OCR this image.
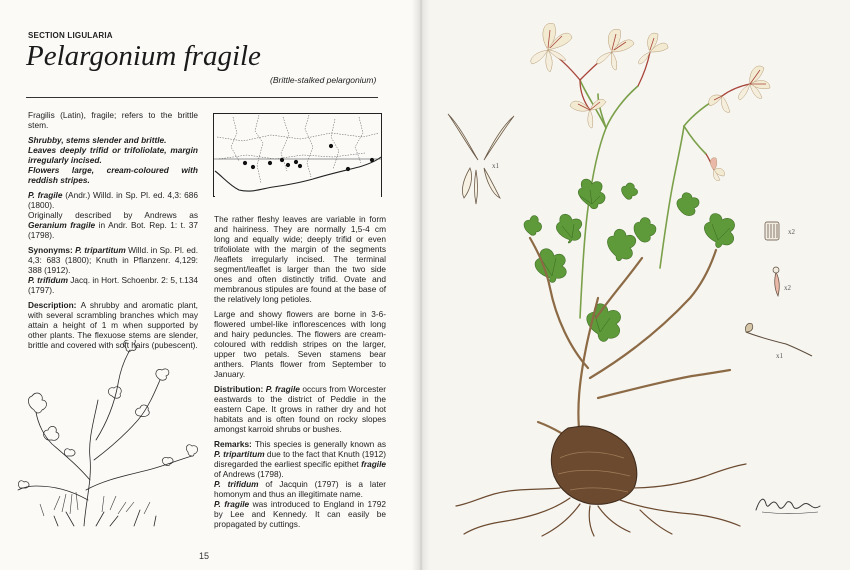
SECTION LIGULARIA
Pelargonium fragile
(Brittle-stalked pelargonium)

Fragilis (Latin), fragile; refers to the brittle stem.

Shrubby, stems slender and brittle.
Leaves deeply trifid or trifoliolate, margin irregularly incised.
Flowers large, cream-coloured with reddish stripes.

P. fragile (Andr.) Willd. in Sp. Pl. ed. 4,3: 686 (1800).
Originally described by Andrews as Geranium fragile in Andr. Bot. Rep. 1: t. 37 (1798).

Synonyms: P. tripartitum Willd. in Sp. Pl. ed. 4,3: 683 (1800); Knuth in Pflanzenr. 4,129: 388 (1912).
P. trifidum Jacq. in Hort. Schoenbr. 2: 5, t.134 (1797).

Description: A shrubby and aromatic plant, with several scrambling branches which may attain a height of 1 m when supported by other plants. The flexuose stems are slender, brittle and covered with soft hairs (pubescent).

The rather fleshy leaves are variable in form and hairiness. They are normally 1,5-4 cm long and equally wide; deeply trifid or even trifoliolate with the margin of the segments /leaflets irregularly incised. The terminal segment/leaflet is larger than the two side ones and often distinctly trifid. Ovate and membranous stipules are found at the base of the relatively long petioles.

Large and showy flowers are borne in 3-6-flowered umbel-like inflorescences with long and hairy peduncles. The flowers are cream-coloured with reddish stripes on the larger, upper two petals. Seven stamens bear anthers. Plants flower from September to January.

Distribution: P. fragile occurs from Worcester eastwards to the district of Peddie in the eastern Cape. It grows in rather dry and hot habitats and is often found on rocky slopes amongst karroid shrubs or bushes.

Remarks: This species is generally known as P. tripartitum due to the fact that Knuth (1912) disregarded the earliest specific epithet fragile of Andrews (1798).
P. trifidum of Jacquin (1797) is a later homonym and thus an illegitimate name.
P. fragile was introduced to England in 1792 by Lee and Kennedy. It can easily be propagated by cuttings.

15
x1
x2
x2
x1
